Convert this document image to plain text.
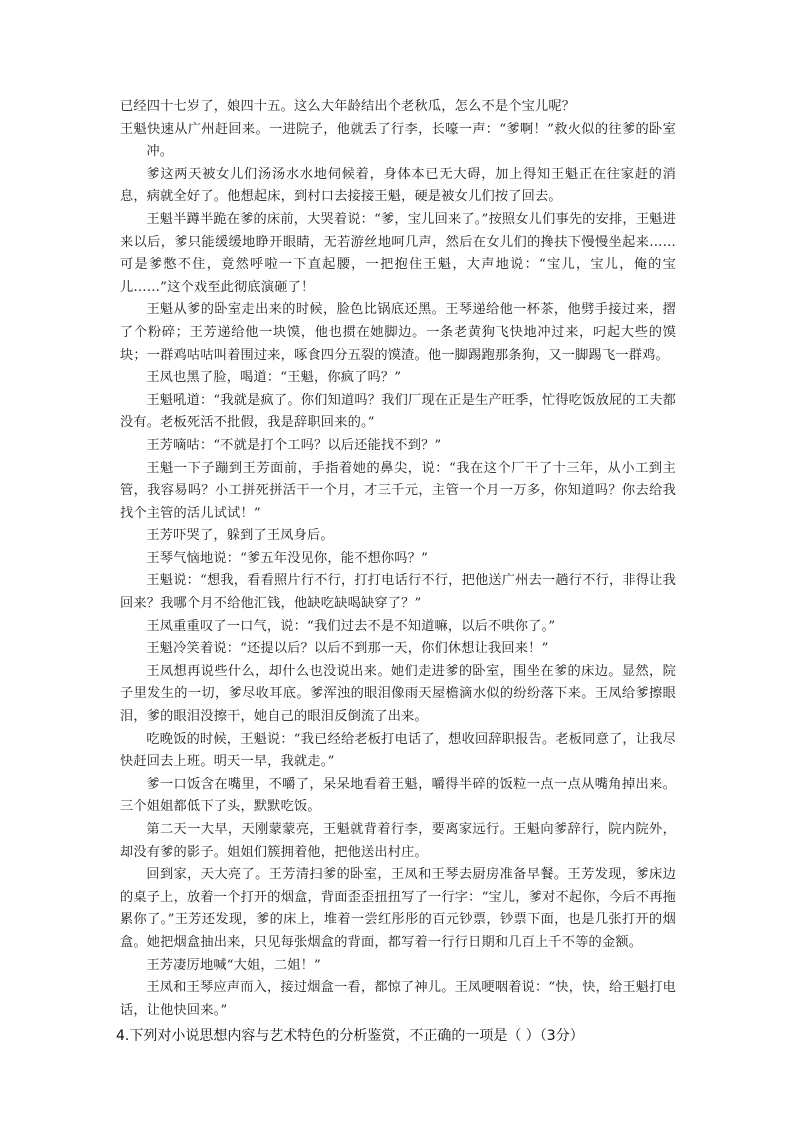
已经四十七岁了，娘四十五。这么大年龄结出个老秋瓜，怎么不是个宝儿呢？

王魁快速从广州赶回来。一进院子，他就丢了行李，长嚎一声：“爹啊！”救火似的往爹的卧室冲。

爹这两天被女儿们汤汤水水地伺候着，身体本已无大碍，加上得知王魁正在往家赶的消息，病就全好了。他想起床，到村口去接接王魁，硬是被女儿们按了回去。

王魁半蹲半跪在爹的床前，大哭着说：“爹，宝儿回来了。”按照女儿们事先的安排，王魁进来以后，爹只能缓缓地睁开眼睛，无若游丝地呵几声，然后在女儿们的搀扶下慢慢坐起来……可是爹憋不住，竟然呼啦一下直起腰，一把抱住王魁，大声地说：“宝儿，宝儿，俺的宝儿……”这个戏至此彻底演砸了！

王魁从爹的卧室走出来的时候，脸色比锅底还黑。王琴递给他一杯茶，他劈手接过来，摺了个粉碎；王芳递给他一块馍，他也掼在她脚边。一条老黄狗飞快地冲过来，叼起大些的馍块；一群鸡咕咕叫着围过来，啄食四分五裂的馍渣。他一脚踢跑那条狗，又一脚踢飞一群鸡。

王凤也黑了脸，喝道：“王魁，你疯了吗？”

王魁吼道：“我就是疯了。你们知道吗？我们厂现在正是生产旺季，忙得吃饭放屁的工夫都没有。老板死活不批假，我是辞职回来的。”

王芳嘀咕：“不就是打个工吗？以后还能找不到？”

王魁一下子蹦到王芳面前，手指着她的鼻尖，说：“我在这个厂干了十三年，从小工到主管，我容易吗？小工拼死拼活干一个月，才三千元，主管一个月一万多，你知道吗？你去给我找个主管的活儿试试！”

王芳吓哭了，躲到了王凤身后。

王琴气恼地说：“爹五年没见你，能不想你吗？”

王魁说：“想我，看看照片行不行，打打电话行不行，把他送广州去一趟行不行，非得让我回来？我哪个月不给他汇钱，他缺吃缺喝缺穿了？”

王凤重重叹了一口气，说：“我们过去不是不知道嘛，以后不哄你了。”

王魁冷笑着说：“还提以后？以后不到那一天，你们休想让我回来！”

王凤想再说些什么，却什么也没说出来。她们走进爹的卧室，围坐在爹的床边。显然，院子里发生的一切，爹尽收耳底。爹浑浊的眼泪像雨天屋檐滴水似的纷纷落下来。王凤给爹擦眼泪，爹的眼泪没擦干，她自己的眼泪反倒流了出来。

吃晚饭的时候，王魁说：“我已经给老板打电话了，想收回辞职报告。老板同意了，让我尽快赶回去上班。明天一早，我就走。”

爹一口饭含在嘴里，不嚼了，呆呆地看着王魁，嚼得半碎的饭粒一点一点从嘴角掉出来。三个姐姐都低下了头，默默吃饭。

第二天一大早，天刚蒙蒙亮，王魁就背着行李，要离家远行。王魁向爹辞行，院内院外，却没有爹的影子。姐姐们簇拥着他，把他送出村庄。

回到家，天大亮了。王芳清扫爹的卧室，王凤和王琴去厨房准备早餐。王芳发现，爹床边的桌子上，放着一个打开的烟盒，背面歪歪扭扭写了一行字：“宝儿，爹对不起你，今后不再拖累你了。”王芳还发现，爹的床上，堆着一尝红彤彤的百元钞票，钞票下面，也是几张打开的烟盒。她把烟盒抽出来，只见每张烟盒的背面，都写着一行行日期和几百上千不等的金额。

王芳凄厉地喊“大姐，二姐！”

王凤和王琴应声而入，接过烟盒一看，都惊了神儿。王凤哽咽着说：“快，快，给王魁打电话，让他快回来。”

4.下列对小说思想内容与艺术特色的分析鉴赏，不正确的一项是（ ）（3分）
